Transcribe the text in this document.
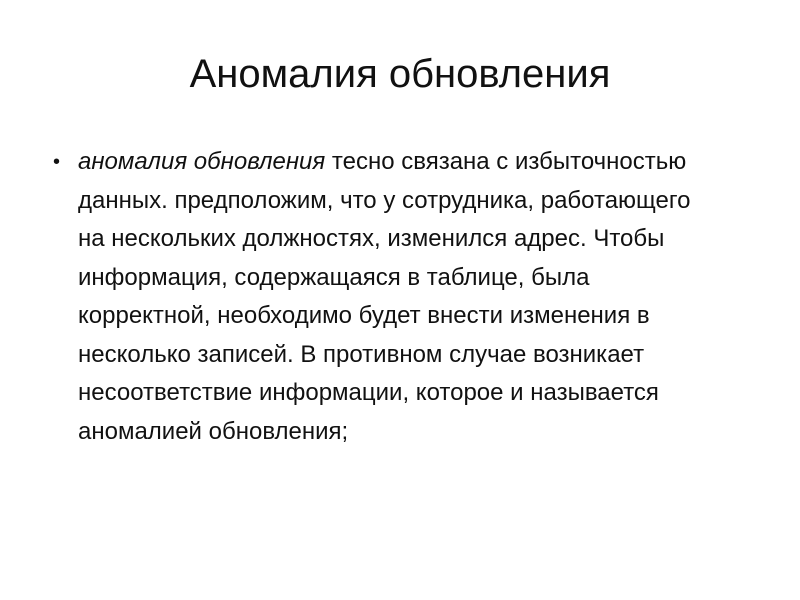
Аномалия обновления
• аномалия обновления тесно связана с избыточностью данных. предположим, что у сотрудника, работающего на нескольких должностях, изменился адрес. Чтобы информация, содержащаяся в таблице, была корректной, необходимо будет внести изменения в несколько записей. В противном случае возникает несоответствие информации, которое и называется аномалией обновления;
